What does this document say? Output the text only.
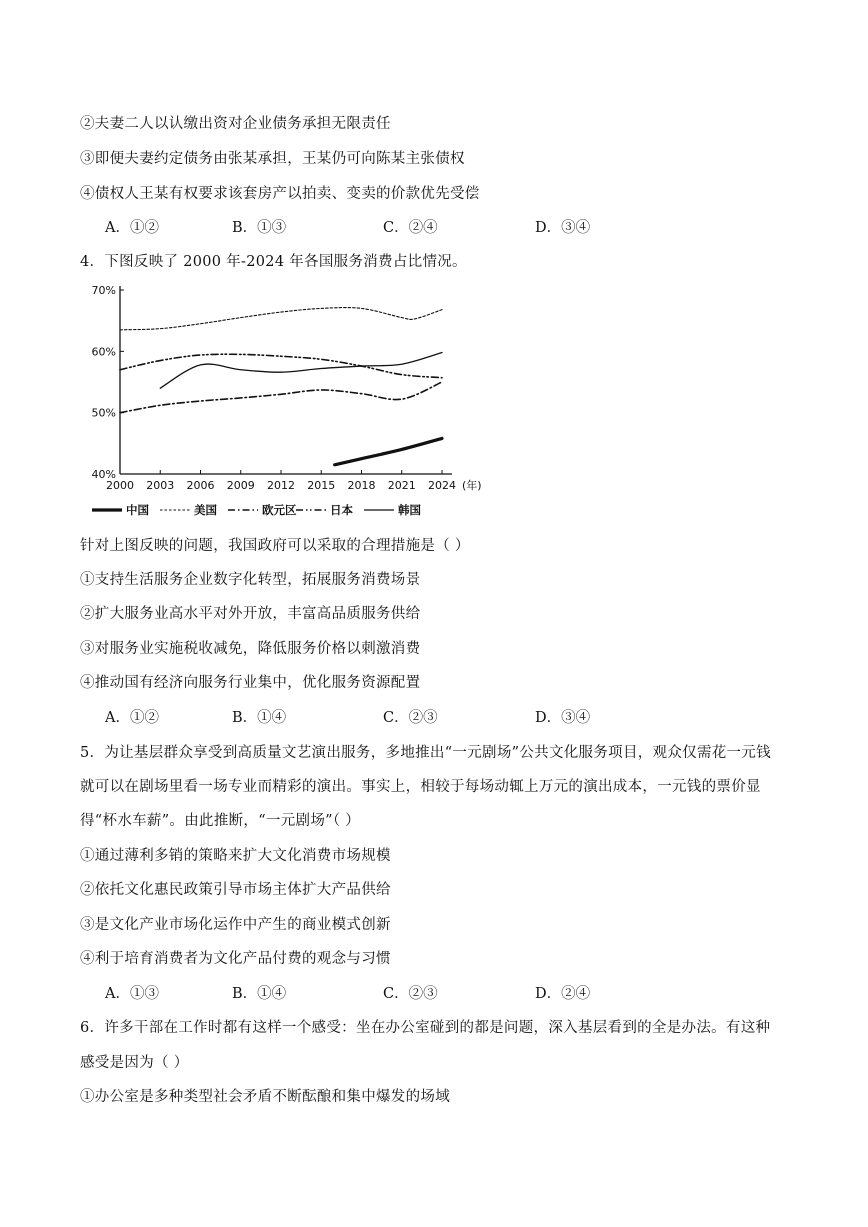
②夫妻二人以认缴出资对企业债务承担无限责任
③即便夫妻约定债务由张某承担，王某仍可向陈某主张债权
④债权人王某有权要求该套房产以拍卖、变卖的价款优先受偿
A．①②	B．①③	C．②④	D．③④
4．下图反映了 2000 年-2024 年各国服务消费占比情况。
40%
50%
60%
70%
2000 2003 2006 2009 2012 2015 2018 2021 2024 (年)
中国	美国	欧元区	日本	韩国
针对上图反映的问题，我国政府可以采取的合理措施是（ ）
①支持生活服务企业数字化转型，拓展服务消费场景
②扩大服务业高水平对外开放，丰富高品质服务供给
③对服务业实施税收减免，降低服务价格以刺激消费
④推动国有经济向服务行业集中，优化服务资源配置
A．①②	B．①④	C．②③	D．③④
5．为让基层群众享受到高质量文艺演出服务，多地推出“一元剧场”公共文化服务项目，观众仅需花一元钱
就可以在剧场里看一场专业而精彩的演出。事实上，相较于每场动辄上万元的演出成本，一元钱的票价显
得“杯水车薪”。由此推断，“一元剧场”（ ）
①通过薄利多销的策略来扩大文化消费市场规模
②依托文化惠民政策引导市场主体扩大产品供给
③是文化产业市场化运作中产生的商业模式创新
④利于培育消费者为文化产品付费的观念与习惯
A．①③	B．①④	C．②③	D．②④
6．许多干部在工作时都有这样一个感受：坐在办公室碰到的都是问题，深入基层看到的全是办法。有这种
感受是因为（ ）
①办公室是多种类型社会矛盾不断酝酿和集中爆发的场域
